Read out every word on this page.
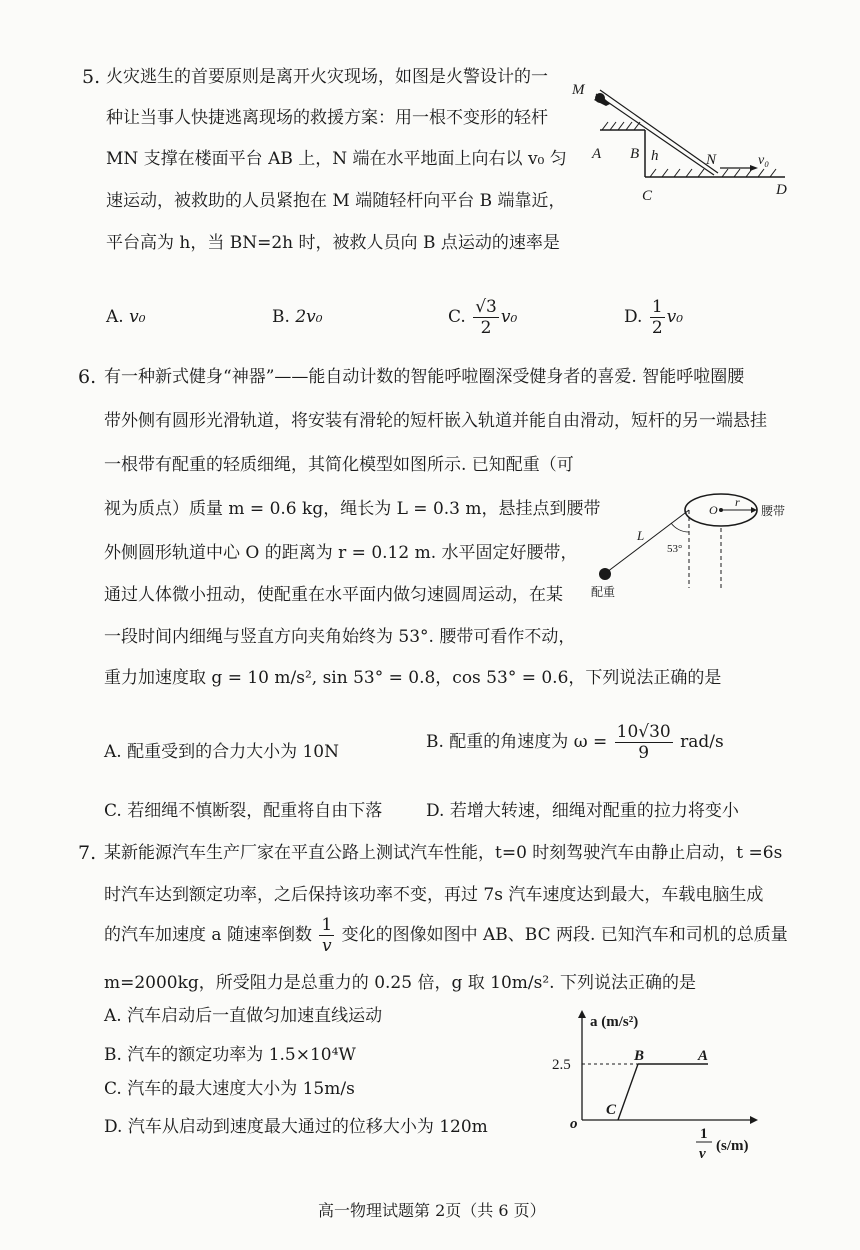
5. 火灾逃生的首要原则是离开火灾现场，如图是火警设计的一
种让当事人快捷逃离现场的救援方案：用一根不变形的轻杆
MN 支撑在楼面平台 AB 上，N 端在水平地面上向右以 v₀ 匀
速运动，被救助的人员紧抱在 M 端随轻杆向平台 B 端靠近，
平台高为 h，当 BN=2h 时，被救人员向 B 点运动的速率是
A. v₀	B. 2v₀	C. $\frac{√3}{2} v_0$	D. $\frac{1}{2} v_0$
M
A B h	N	v₀
C	D
6. 有一种新式健身“神器”——能自动计数的智能呼啦圈深受健身者的喜爱. 智能呼啦圈腰
带外侧有圆形光滑轨道，将安装有滑轮的短杆嵌入轨道并能自由滑动，短杆的另一端悬挂
一根带有配重的轻质细绳，其简化模型如图所示. 已知配重（可
视为质点）质量 m = 0.6 kg，绳长为 L = 0.3 m，悬挂点到腰带
外侧圆形轨道中心 O 的距离为 r = 0.12 m. 水平固定好腰带，
通过人体微小扭动，使配重在水平面内做匀速圆周运动，在某
一段时间内细绳与竖直方向夹角始终为 53°. 腰带可看作不动，
重力加速度取 g = 10 m/s², sin 53° = 0.8，cos 53° = 0.6，下列说法正确的是
A. 配重受到的合力大小为 10N	B. 配重的角速度为 $\omega = \frac{10√30}{9} rad/s$
C. 若细绳不慎断裂，配重将自由下落	D. 若增大转速，细绳对配重的拉力将变小
腰带
配重
L
53°
O
r
7. 某新能源汽车生产厂家在平直公路上测试汽车性能，t=0 时刻驾驶汽车由静止启动，t =6s
时汽车达到额定功率，之后保持该功率不变，再过 7s 汽车速度达到最大，车载电脑生成
的汽车加速度 a 随速率倒数 $\frac{1}{v}$ 变化的图像如图中 AB、BC 两段. 已知汽车和司机的总质量
m=2000kg，所受阻力是总重力的 0.25 倍，g 取 10m/s². 下列说法正确的是
A. 汽车启动后一直做匀加速直线运动
B. 汽车的额定功率为 1.5×10⁴W
C. 汽车的最大速度大小为 15m/s
D. 汽车从启动到速度最大通过的位移大小为 120m
a (m/s²)
2.5
o
B	A
C
1
v (s/m)
高一物理试题第 2页（共 6 页）
